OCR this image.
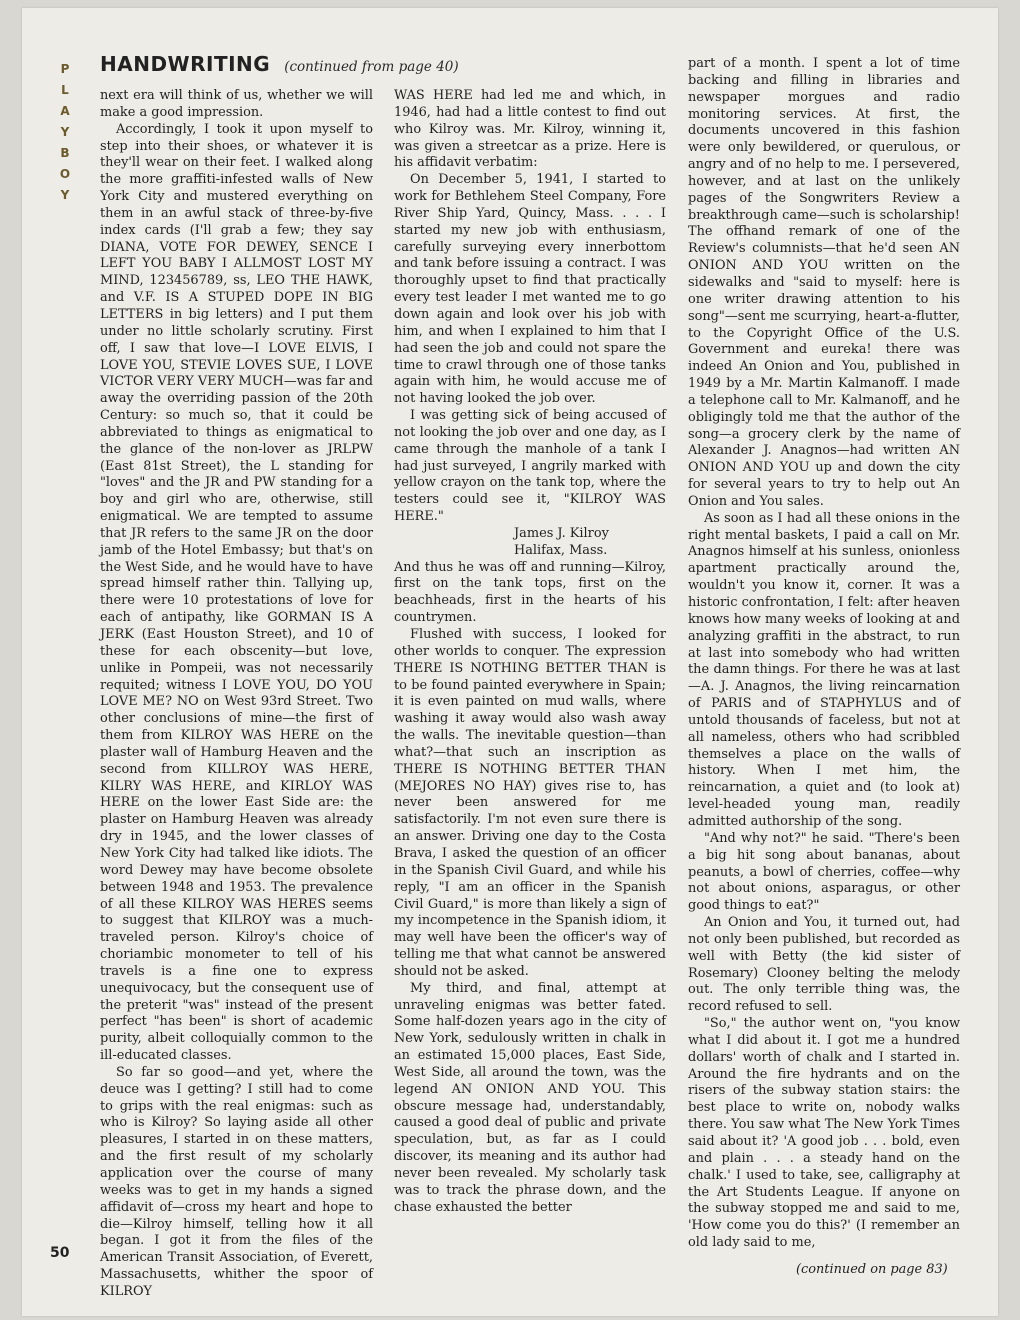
P
L
A
Y
B
O
Y
HANDWRITING (continued from page 40)

next era will think of us, whether we will make a good impression.

Accordingly, I took it upon myself to step into their shoes, or whatever it is they'll wear on their feet. I walked along the more graffiti-infested walls of New York City and mustered everything on them in an awful stack of three-by-five index cards (I'll grab a few; they say DIANA, VOTE FOR DEWEY, SENCE I LEFT YOU BABY I ALLMOST LOST MY MIND, 123456789, ss, LEO THE HAWK, and V.F. IS A STUPED DOPE IN BIG LETTERS in big letters) and I put them under no little scholarly scrutiny. First off, I saw that love—I LOVE ELVIS, I LOVE YOU, STEVIE LOVES SUE, I LOVE VICTOR VERY VERY MUCH—was far and away the overriding passion of the 20th Century: so much so, that it could be abbreviated to things as enigmatical to the glance of the non-lover as JRLPW (East 81st Street), the L standing for "loves" and the JR and PW standing for a boy and girl who are, otherwise, still enigmatical. We are tempted to assume that JR refers to the same JR on the door jamb of the Hotel Embassy; but that's on the West Side, and he would have to have spread himself rather thin. Tallying up, there were 10 protestations of love for each of antipathy, like GORMAN IS A JERK (East Houston Street), and 10 of these for each obscenity—but love, unlike in Pompeii, was not necessarily requited; witness I LOVE YOU, DO YOU LOVE ME? NO on West 93rd Street. Two other conclusions of mine—the first of them from KILROY WAS HERE on the plaster wall of Hamburg Heaven and the second from KILLROY WAS HERE, KILRY WAS HERE, and KIRLOY WAS HERE on the lower East Side are: the plaster on Hamburg Heaven was already dry in 1945, and the lower classes of New York City had talked like idiots. The word Dewey may have become obsolete between 1948 and 1953. The prevalence of all these KILROY WAS HERES seems to suggest that KILROY was a much-traveled person. Kilroy's choice of choriambic monometer to tell of his travels is a fine one to express unequivocacy, but the consequent use of the preterit "was" instead of the present perfect "has been" is short of academic purity, albeit colloquially common to the ill-educated classes.

So far so good—and yet, where the deuce was I getting? I still had to come to grips with the real enigmas: such as who is Kilroy? So laying aside all other pleasures, I started in on these matters, and the first result of my scholarly application over the course of many weeks was to get in my hands a signed affidavit of—cross my heart and hope to die—Kilroy himself, telling how it all began. I got it from the files of the American Transit Association, of Everett, Massachusetts, whither the spoor of KILROY

WAS HERE had led me and which, in 1946, had had a little contest to find out who Kilroy was. Mr. Kilroy, winning it, was given a streetcar as a prize. Here is his affidavit verbatim:

On December 5, 1941, I started to work for Bethlehem Steel Company, Fore River Ship Yard, Quincy, Mass. . . . I started my new job with enthusiasm, carefully surveying every innerbottom and tank before issuing a contract. I was thoroughly upset to find that practically every test leader I met wanted me to go down again and look over his job with him, and when I explained to him that I had seen the job and could not spare the time to crawl through one of those tanks again with him, he would accuse me of not having looked the job over.

I was getting sick of being accused of not looking the job over and one day, as I came through the manhole of a tank I had just surveyed, I angrily marked with yellow crayon on the tank top, where the testers could see it, "KILROY WAS HERE."

James J. Kilroy

Halifax, Mass.

And thus he was off and running—Kilroy, first on the tank tops, first on the beachheads, first in the hearts of his countrymen.

Flushed with success, I looked for other worlds to conquer. The expression THERE IS NOTHING BETTER THAN is to be found painted everywhere in Spain; it is even painted on mud walls, where washing it away would also wash away the walls. The inevitable question—than what?—that such an inscription as THERE IS NOTHING BETTER THAN (MEJORES NO HAY) gives rise to, has never been answered for me satisfactorily. I'm not even sure there is an answer. Driving one day to the Costa Brava, I asked the question of an officer in the Spanish Civil Guard, and while his reply, "I am an officer in the Spanish Civil Guard," is more than likely a sign of my incompetence in the Spanish idiom, it may well have been the officer's way of telling me that what cannot be answered should not be asked.

My third, and final, attempt at unraveling enigmas was better fated. Some half-dozen years ago in the city of New York, sedulously written in chalk in an estimated 15,000 places, East Side, West Side, all around the town, was the legend AN ONION AND YOU. This obscure message had, understandably, caused a good deal of public and private speculation, but, as far as I could discover, its meaning and its author had never been revealed. My scholarly task was to track the phrase down, and the chase exhausted the better

part of a month. I spent a lot of time backing and filling in libraries and newspaper morgues and radio monitoring services. At first, the documents uncovered in this fashion were only bewildered, or querulous, or angry and of no help to me. I persevered, however, and at last on the unlikely pages of the Songwriters Review a breakthrough came—such is scholarship! The offhand remark of one of the Review's columnists—that he'd seen AN ONION AND YOU written on the sidewalks and "said to myself: here is one writer drawing attention to his song"—sent me scurrying, heart-a-flutter, to the Copyright Office of the U.S. Government and eureka! there was indeed An Onion and You, published in 1949 by a Mr. Martin Kalmanoff. I made a telephone call to Mr. Kalmanoff, and he obligingly told me that the author of the song—a grocery clerk by the name of Alexander J. Anagnos—had written AN ONION AND YOU up and down the city for several years to try to help out An Onion and You sales.

As soon as I had all these onions in the right mental baskets, I paid a call on Mr. Anagnos himself at his sunless, onionless apartment practically around the, wouldn't you know it, corner. It was a historic confrontation, I felt: after heaven knows how many weeks of looking at and analyzing graffiti in the abstract, to run at last into somebody who had written the damn things. For there he was at last—A. J. Anagnos, the living reincarnation of PARIS and of STAPHYLUS and of untold thousands of faceless, but not at all nameless, others who had scribbled themselves a place on the walls of history. When I met him, the reincarnation, a quiet and (to look at) level-headed young man, readily admitted authorship of the song.

"And why not?" he said. "There's been a big hit song about bananas, about peanuts, a bowl of cherries, coffee—why not about onions, asparagus, or other good things to eat?"

An Onion and You, it turned out, had not only been published, but recorded as well with Betty (the kid sister of Rosemary) Clooney belting the melody out. The only terrible thing was, the record refused to sell.

"So," the author went on, "you know what I did about it. I got me a hundred dollars' worth of chalk and I started in. Around the fire hydrants and on the risers of the subway station stairs: the best place to write on, nobody walks there. You saw what The New York Times said about it? 'A good job . . . bold, even and plain . . . a steady hand on the chalk.' I used to take, see, calligraphy at the Art Students League. If anyone on the subway stopped me and said to me, 'How come you do this?' (I remember an old lady said to me,

50
(continued on page 83)
